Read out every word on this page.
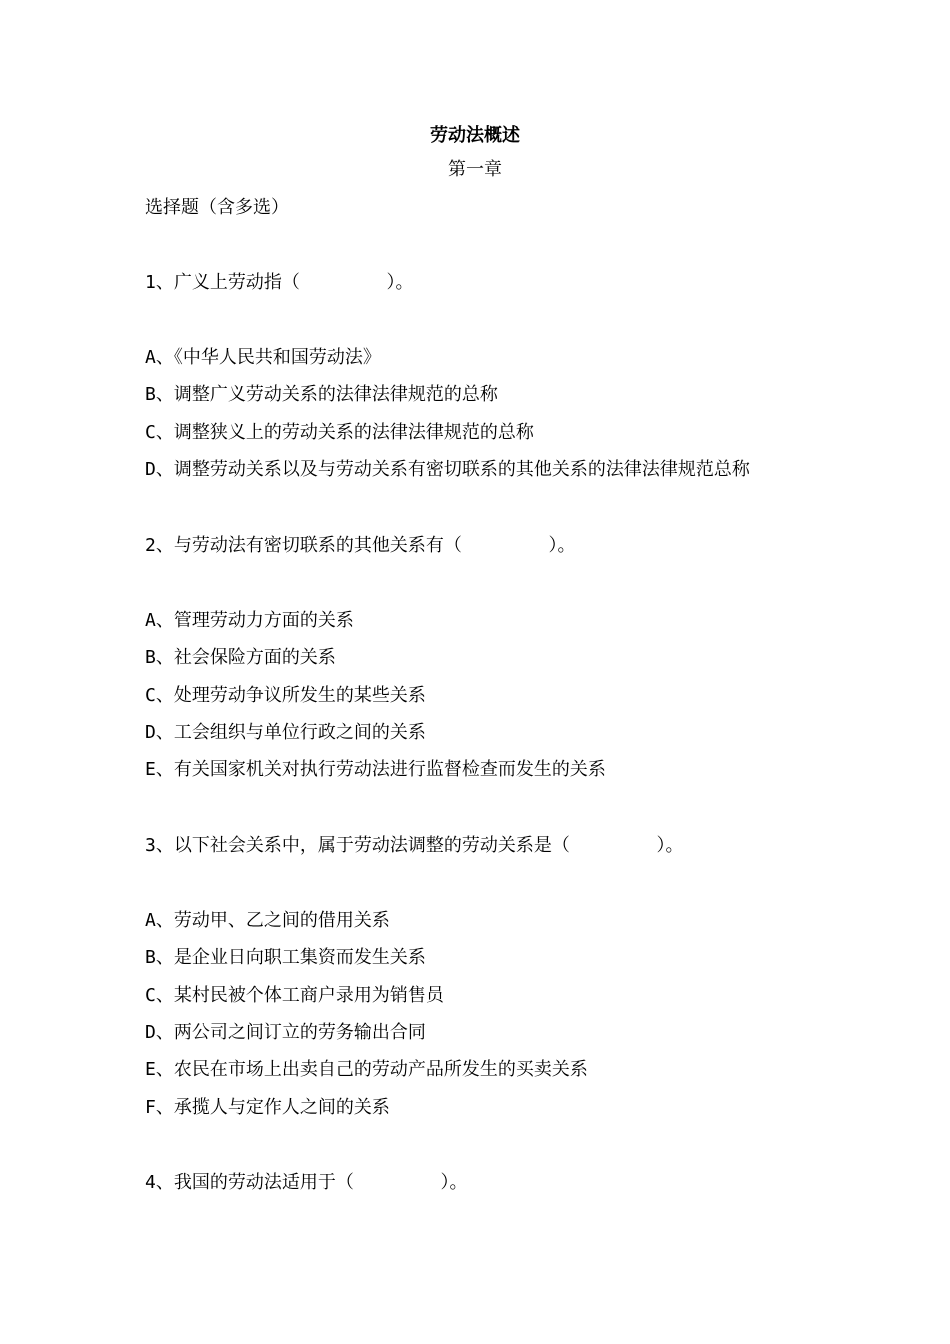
劳动法概述
第一章
选择题（含多选）
1、广义上劳动指（        ）。
A、《中华人民共和国劳动法》
B、调整广义劳动关系的法律法律规范的总称
C、调整狭义上的劳动关系的法律法律规范的总称
D、调整劳动关系以及与劳动关系有密切联系的其他关系的法律法律规范总称
2、与劳动法有密切联系的其他关系有（        ）。
A、管理劳动力方面的关系
B、社会保险方面的关系
C、处理劳动争议所发生的某些关系
D、工会组织与单位行政之间的关系
E、有关国家机关对执行劳动法进行监督检查而发生的关系
3、以下社会关系中，属于劳动法调整的劳动关系是（        ）。
A、劳动甲、乙之间的借用关系
B、是企业日向职工集资而发生关系
C、某村民被个体工商户录用为销售员
D、两公司之间订立的劳务输出合同
E、农民在市场上出卖自己的劳动产品所发生的买卖关系
F、承揽人与定作人之间的关系
4、我国的劳动法适用于（        ）。
